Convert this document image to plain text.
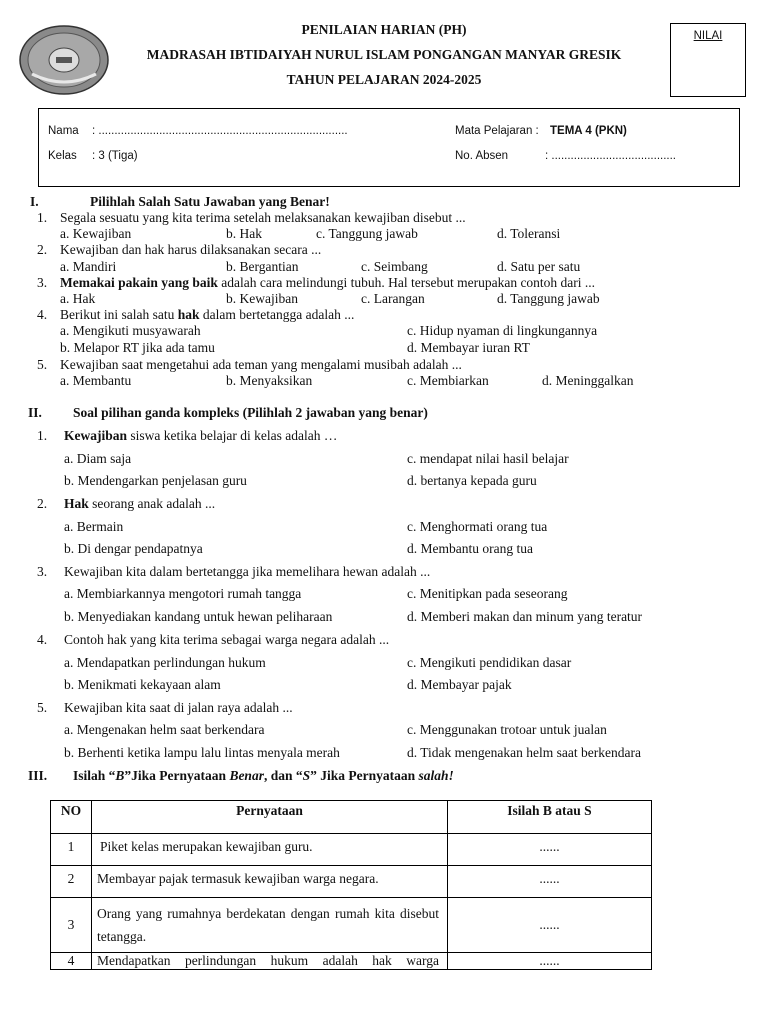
PENILAIAN HARIAN (PH)
MADRASAH IBTIDAIYAH NURUL ISLAM PONGANGAN MANYAR GRESIK
TAHUN PELAJARAN 2024-2025
NILAI
Nama : ..............................................................................
Kelas : 3 (Tiga)
Mata Pelajaran : TEMA 4 (PKN)
No. Absen	: .......................................
I.	Pilihlah Salah Satu Jawaban yang Benar!
1. Segala sesuatu yang kita terima setelah melaksanakan kewajiban disebut ...
a. Kewajiban	b. Hak	c. Tanggung jawab	d. Toleransi
2. Kewajiban dan hak harus dilaksanakan secara ...
a. Mandiri	b. Bergantian	c. Seimbang	d. Satu per satu
3. Memakai pakain yang baik adalah cara melindungi tubuh. Hal tersebut merupakan contoh dari ...
a. Hak	b. Kewajiban	c. Larangan	d. Tanggung jawab
4. Berikut ini salah satu hak dalam bertetangga adalah ...
a. Mengikuti musyawarah	c. Hidup nyaman di lingkungannya
b. Melapor RT jika ada tamu	d. Membayar iuran RT
5. Kewajiban saat mengetahui ada teman yang mengalami musibah adalah ...
a. Membantu	b. Menyaksikan	c. Membiarkan	d. Meninggalkan
II. Soal pilihan ganda kompleks (Pilihlah 2 jawaban yang benar)
1. Kewajiban siswa ketika belajar di kelas adalah …
a. Diam saja	c. mendapat nilai hasil belajar
b. Mendengarkan penjelasan guru	d. bertanya kepada guru
2. Hak seorang anak adalah ...
a. Bermain	c. Menghormati orang tua
b. Di dengar pendapatnya	d. Membantu orang tua
3. Kewajiban kita dalam bertetangga jika memelihara hewan adalah ...
a. Membiarkannya mengotori rumah tangga	c. Menitipkan pada seseorang
b. Menyediakan kandang untuk hewan peliharaan	d. Memberi makan dan minum yang teratur
4. Contoh hak yang kita terima sebagai warga negara adalah ...
a. Mendapatkan perlindungan hukum	c. Mengikuti pendidikan dasar
b. Menikmati kekayaan alam	d. Membayar pajak
5. Kewajiban kita saat di jalan raya adalah ...
a. Mengenakan helm saat berkendara	c. Menggunakan trotoar untuk jualan
b. Berhenti ketika lampu lalu lintas menyala merah	d. Tidak mengenakan helm saat berkendara
III. Isilah “B”Jika Pernyataan Benar, dan “S” Jika Pernyataan salah!
NO	Pernyataan	Isilah B atau S

1	Piket kelas merupakan kewajiban guru.	......

2	Membayar pajak termasuk kewajiban warga negara.	......

3	Orang yang rumahnya berdekatan dengan rumah kita disebut tetangga.	......
4	Mendapatkan perlindungan hukum adalah hak warga	......
